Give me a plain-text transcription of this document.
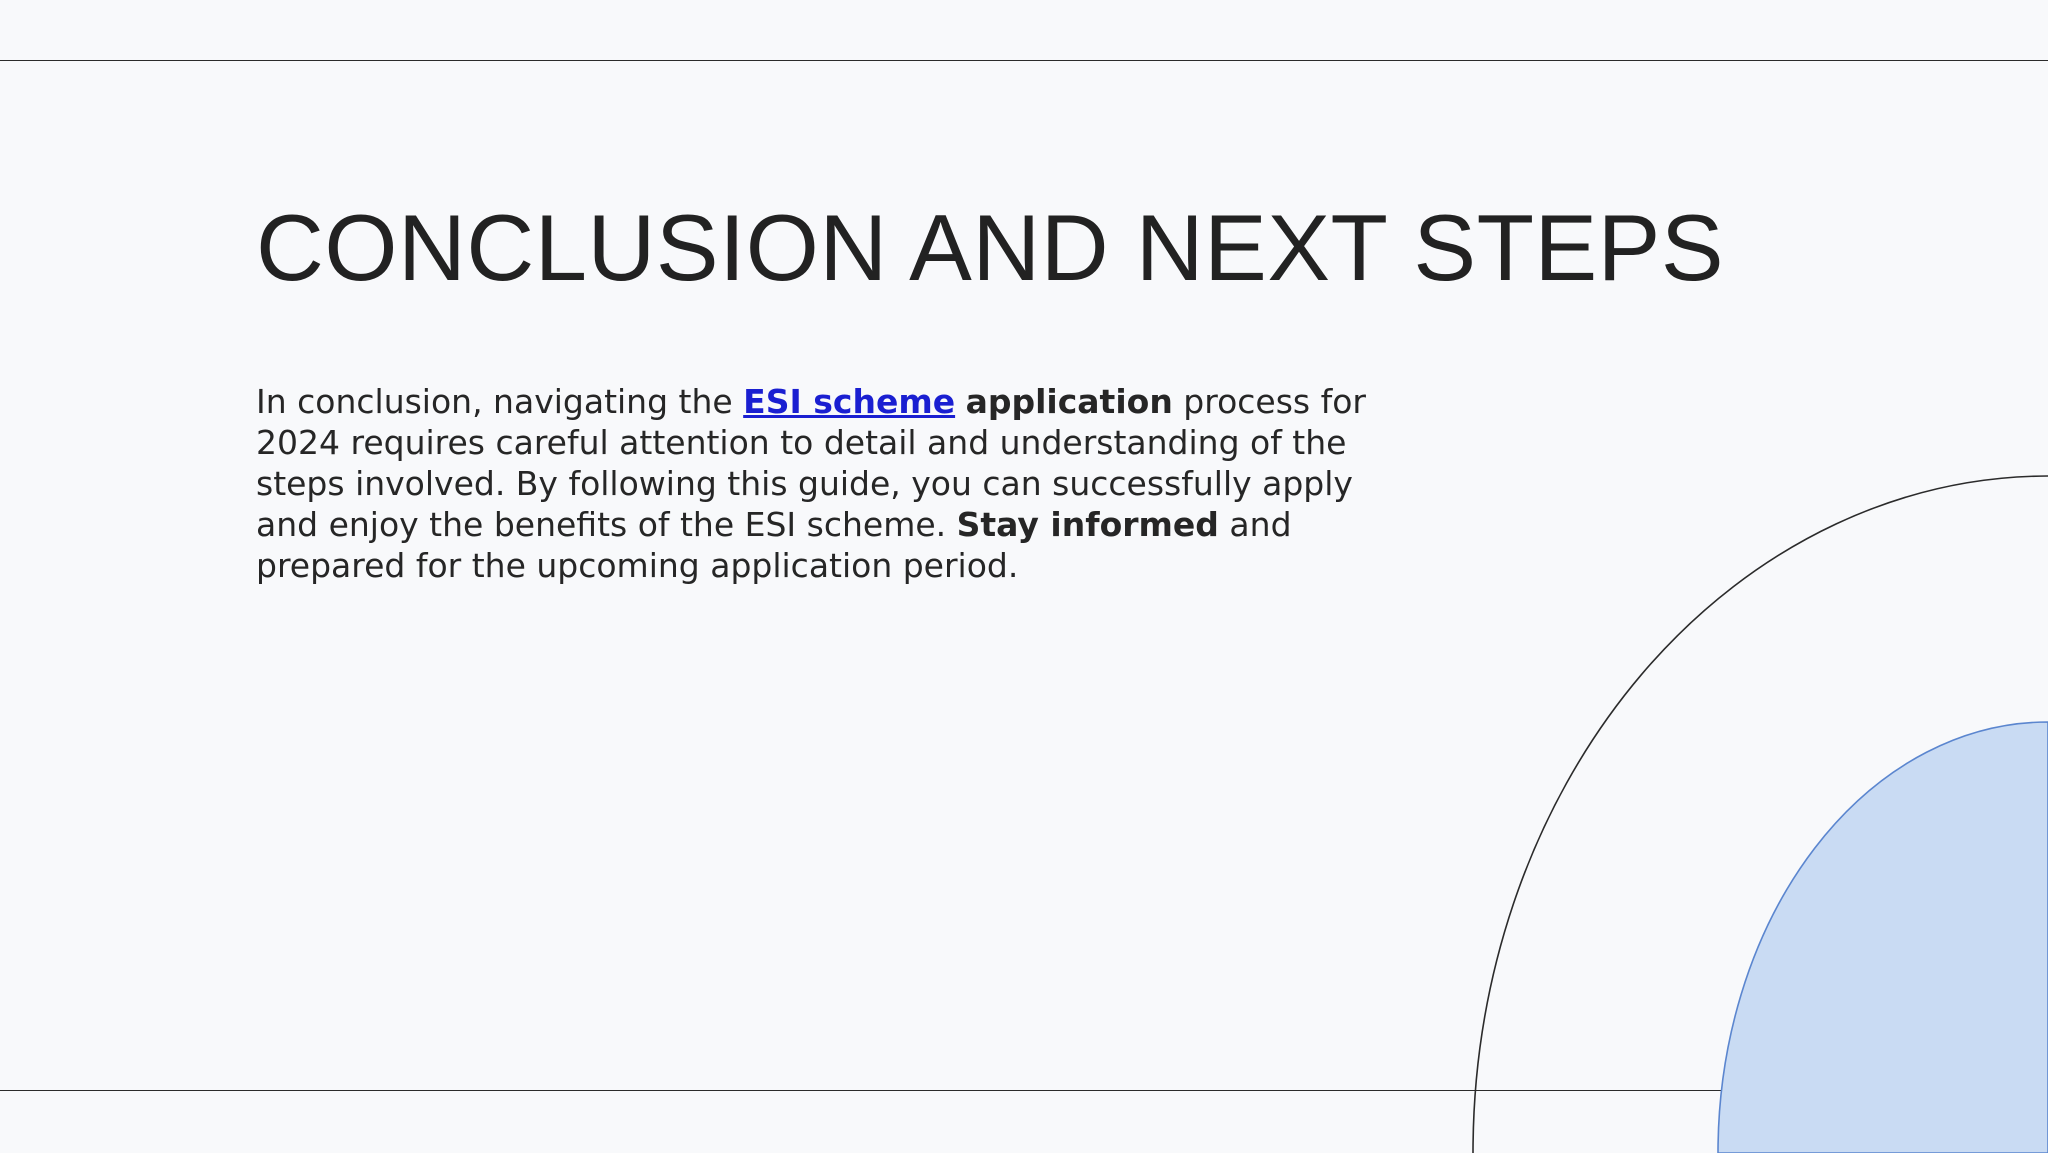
CONCLUSION AND NEXT STEPS

In conclusion, navigating the ESI scheme application process for 2024 requires careful attention to detail and understanding of the steps involved. By following this guide, you can successfully apply and enjoy the benefits of the ESI scheme. Stay informed and prepared for the upcoming application period.
